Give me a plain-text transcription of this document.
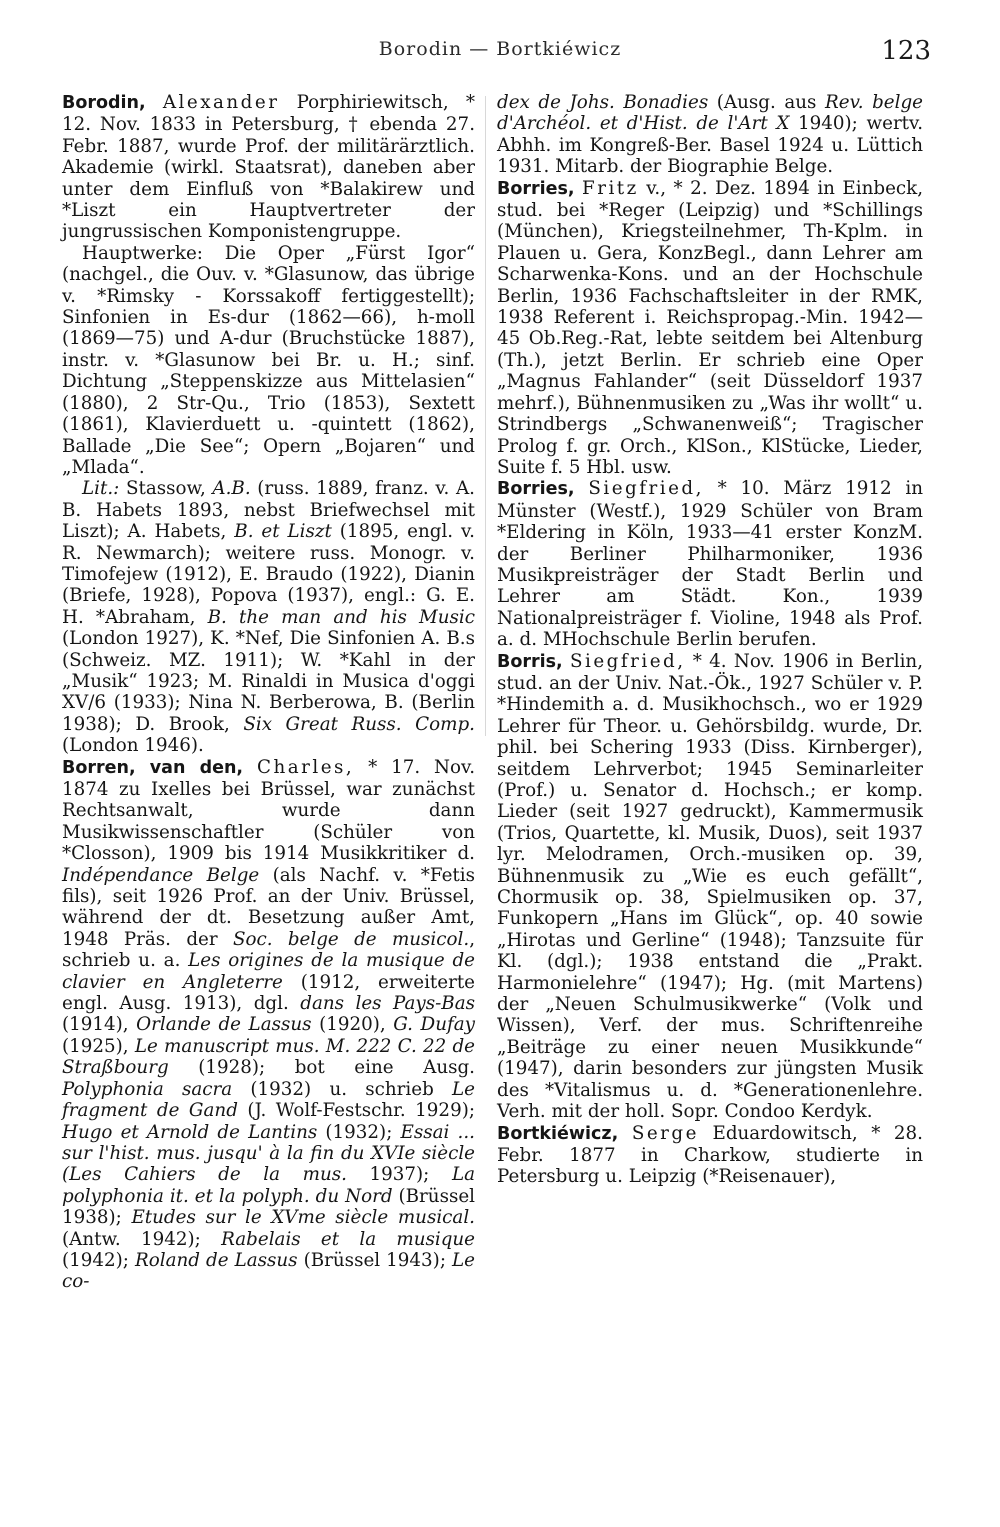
Borodin — Bortkiéwicz	123

Borodin, Alexander Porphiriewitsch, * 12. Nov. 1833 in Petersburg, † ebenda 27. Febr. 1887, wurde Prof. der militärärztlich. Akademie (wirkl. Staatsrat), daneben aber unter dem Einfluß von *Balakirew und *Liszt ein Hauptvertreter der jungrussischen Komponistengruppe.

Hauptwerke: Die Oper „Fürst Igor“ (nachgel., die Ouv. v. *Glasunow, das übrige v. *Rimsky - Korssakoff fertiggestellt); Sinfonien in Es-dur (1862—66), h-moll (1869—75) und A-dur (Bruchstücke 1887), instr. v. *Glasunow bei Br. u. H.; sinf. Dichtung „Steppenskizze aus Mittelasien“ (1880), 2 Str-Qu., Trio (1853), Sextett (1861), Klavierduett u. -quintett (1862), Ballade „Die See“; Opern „Bojaren“ und „Mlada“.

Lit.: Stassow, A.B. (russ. 1889, franz. v. A. B. Habets 1893, nebst Briefwechsel mit Liszt); A. Habets, B. et Liszt (1895, engl. v. R. Newmarch); weitere russ. Monogr. v. Timofejew (1912), E. Braudo (1922), Dianin (Briefe, 1928), Popova (1937), engl.: G. E. H. *Abraham, B. the man and his Music (London 1927), K. *Nef, Die Sinfonien A. B.s (Schweiz. MZ. 1911); W. *Kahl in der „Musik“ 1923; M. Rinaldi in Musica d'oggi XV/6 (1933); Nina N. Berberowa, B. (Berlin 1938); D. Brook, Six Great Russ. Comp. (London 1946).

Borren, van den, Charles, * 17. Nov. 1874 zu Ixelles bei Brüssel, war zunächst Rechtsanwalt, wurde dann Musikwissenschaftler (Schüler von *Closson), 1909 bis 1914 Musikkritiker d. Indépendance Belge (als Nachf. v. *Fetis fils), seit 1926 Prof. an der Univ. Brüssel, während der dt. Besetzung außer Amt, 1948 Präs. der Soc. belge de musicol., schrieb u. a. Les origines de la musique de clavier en Angleterre (1912, erweiterte engl. Ausg. 1913), dgl. dans les Pays-Bas (1914), Orlande de Lassus (1920), G. Dufay (1925), Le manuscript mus. M. 222 C. 22 de Straßbourg (1928); bot eine Ausg. Polyphonia sacra (1932) u. schrieb Le fragment de Gand (J. Wolf-Festschr. 1929); Hugo et Arnold de Lantins (1932); Essai ... sur l'hist. mus. jusqu' à la fin du XVIe siècle (Les Cahiers de la mus. 1937); La polyphonia it. et la polyph. du Nord (Brüssel 1938); Etudes sur le XVme siècle musical. (Antw. 1942); Rabelais et la musique (1942); Roland de Lassus (Brüssel 1943); Le co-

dex de Johs. Bonadies (Ausg. aus Rev. belge d'Archéol. et d'Hist. de l'Art X 1940); wertv. Abhh. im Kongreß-Ber. Basel 1924 u. Lüttich 1931. Mitarb. der Biographie Belge.

Borries, Fritz v., * 2. Dez. 1894 in Einbeck, stud. bei *Reger (Leipzig) und *Schillings (München), Kriegsteilnehmer, Th-Kplm. in Plauen u. Gera, KonzBegl., dann Lehrer am Scharwenka-Kons. und an der Hochschule Berlin, 1936 Fachschaftsleiter in der RMK, 1938 Referent i. Reichspropag.-Min. 1942—45 Ob.Reg.-Rat, lebte seitdem bei Altenburg (Th.), jetzt Berlin. Er schrieb eine Oper „Magnus Fahlander“ (seit Düsseldorf 1937 mehrf.), Bühnenmusiken zu „Was ihr wollt“ u. Strindbergs „Schwanenweiß“; Tragischer Prolog f. gr. Orch., KlSon., KlStücke, Lieder, Suite f. 5 Hbl. usw.

Borries, Siegfried, * 10. März 1912 in Münster (Westf.), 1929 Schüler von Bram *Eldering in Köln, 1933—41 erster KonzM. der Berliner Philharmoniker, 1936 Musikpreisträger der Stadt Berlin und Lehrer am Städt. Kon., 1939 Nationalpreisträger f. Violine, 1948 als Prof. a. d. MHochschule Berlin berufen.

Borris, Siegfried, * 4. Nov. 1906 in Berlin, stud. an der Univ. Nat.-Ök., 1927 Schüler v. P. *Hindemith a. d. Musikhochsch., wo er 1929 Lehrer für Theor. u. Gehörsbildg. wurde, Dr. phil. bei Schering 1933 (Diss. Kirnberger), seitdem Lehrverbot; 1945 Seminarleiter (Prof.) u. Senator d. Hochsch.; er komp. Lieder (seit 1927 gedruckt), Kammermusik (Trios, Quartette, kl. Musik, Duos), seit 1937 lyr. Melodramen, Orch.-musiken op. 39, Bühnenmusik zu „Wie es euch gefällt“, Chormusik op. 38, Spielmusiken op. 37, Funkopern „Hans im Glück“, op. 40 sowie „Hirotas und Gerline“ (1948); Tanzsuite für Kl. (dgl.); 1938 entstand die „Prakt. Harmonielehre“ (1947); Hg. (mit Martens) der „Neuen Schulmusikwerke“ (Volk und Wissen), Verf. der mus. Schriftenreihe „Beiträge zu einer neuen Musikkunde“ (1947), darin besonders zur jüngsten Musik des *Vitalismus u. d. *Generationenlehre. Verh. mit der holl. Sopr. Condoo Kerdyk.

Bortkiéwicz, Serge Eduardowitsch, * 28. Febr. 1877 in Charkow, studierte in Petersburg u. Leipzig (*Reisenauer),
